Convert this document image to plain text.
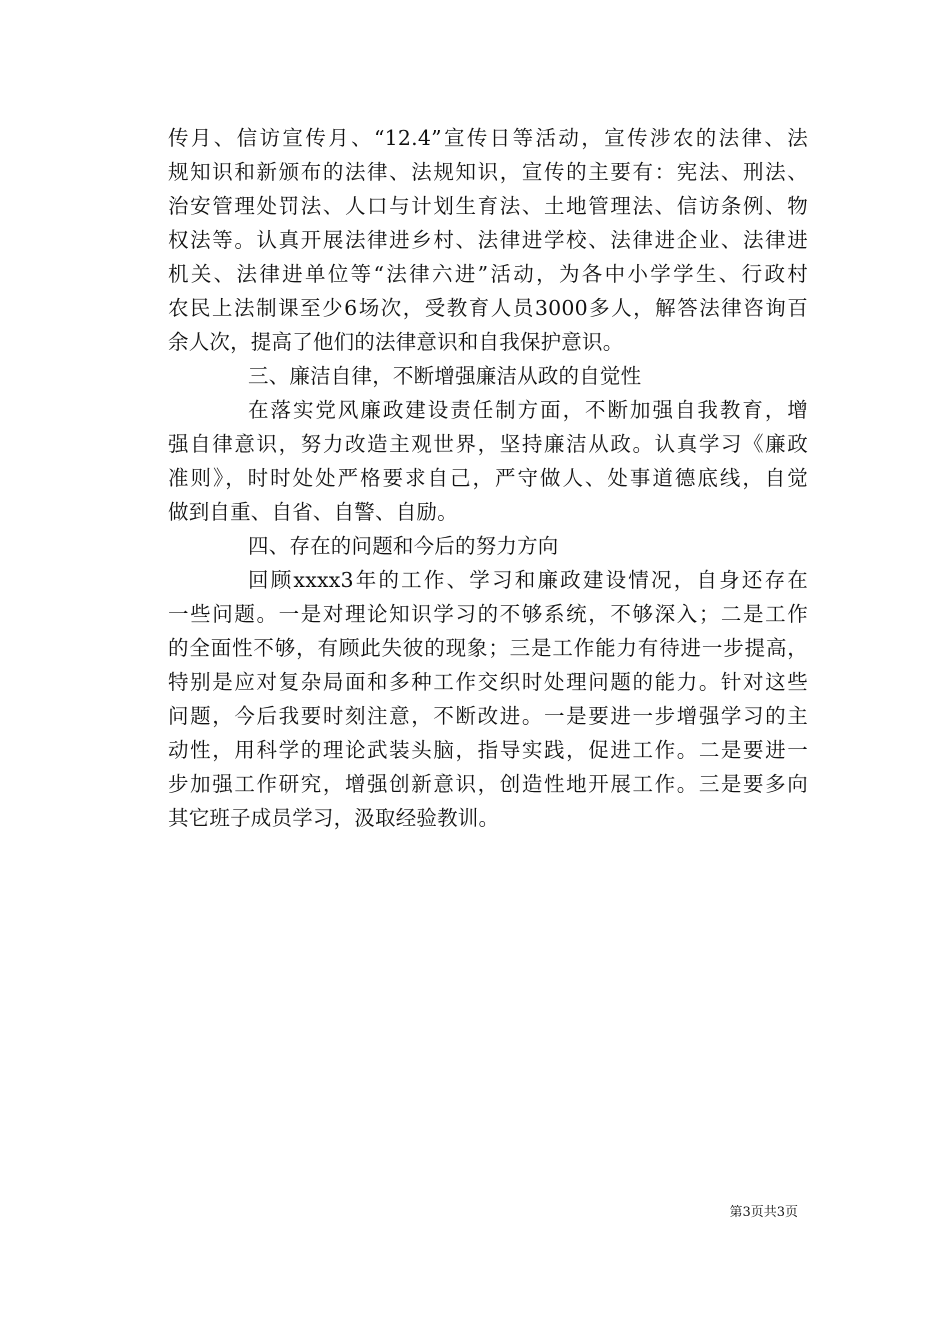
传月、信访宣传月、“12.4”宣传日等活动，宣传涉农的法律、法
规知识和新颁布的法律、法规知识，宣传的主要有：宪法、刑法、
治安管理处罚法、人口与计划生育法、土地管理法、信访条例、物
权法等。认真开展法律进乡村、法律进学校、法律进企业、法律进
机关、法律进单位等“法律六进”活动，为各中小学学生、行政村
农民上法制课至少6场次，受教育人员3000多人，解答法律咨询百
余人次，提高了他们的法律意识和自我保护意识。
三、廉洁自律，不断增强廉洁从政的自觉性
在落实党风廉政建设责任制方面，不断加强自我教育，增
强自律意识，努力改造主观世界，坚持廉洁从政。认真学习《廉政
准则》，时时处处严格要求自己，严守做人、处事道德底线，自觉
做到自重、自省、自警、自励。
四、存在的问题和今后的努力方向
回顾xxxx3年的工作、学习和廉政建设情况，自身还存在
一些问题。一是对理论知识学习的不够系统，不够深入；二是工作
的全面性不够，有顾此失彼的现象；三是工作能力有待进一步提高，
特别是应对复杂局面和多种工作交织时处理问题的能力。针对这些
问题，今后我要时刻注意，不断改进。一是要进一步增强学习的主
动性，用科学的理论武装头脑，指导实践，促进工作。二是要进一
步加强工作研究，增强创新意识，创造性地开展工作。三是要多向
其它班子成员学习，汲取经验教训。
第3页共3页
